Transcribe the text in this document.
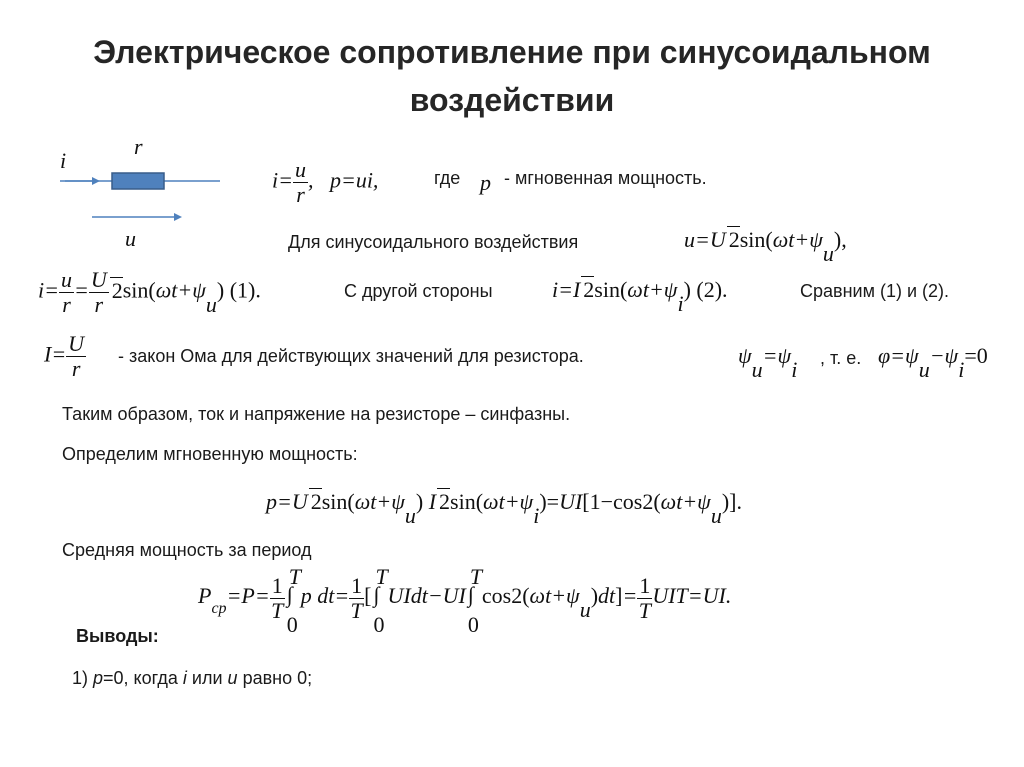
Электрическое сопротивление при синусоидальном воздействии
i
r
u
$i= \frac{u}{r}$ ,   p=ui,	где p - мгновенная мощность.
Для синусоидального воздействия	u=U 2sin(ωt+ψu),
$i= \frac{u}{r} = \frac{U}{r} 2\sin(\omega t+\psi u)$ (1).	С другой стороны	i=I 2sin(ωt+ψi) (2).	Сравним (1) и (2).
$I= \frac{U}{r}$ - закон Ома для действующих значений для резистора.	ψu=ψi , т. е. φ=ψu−ψi=0
Таким образом, ток и напряжение на резисторе – синфазны.
Определим мгновенную мощность:
p=U 2sin(ωt+ψu) I 2sin(ωt+ψi)=UI[1−cos2(ωt+ψu)].
Средняя мощность за период
$P_{ср}=P= \frac{1}{T}$ T
∫
0
p $dt= \frac{1}{T}$ [
T
∫
0
UIdt−UI
T
∫
0
$\cos 2(\omega t+\psi u)dt]= \frac{1}{T} UIT=UI$.
Выводы:
1) p=0, когда i или u равно 0;
